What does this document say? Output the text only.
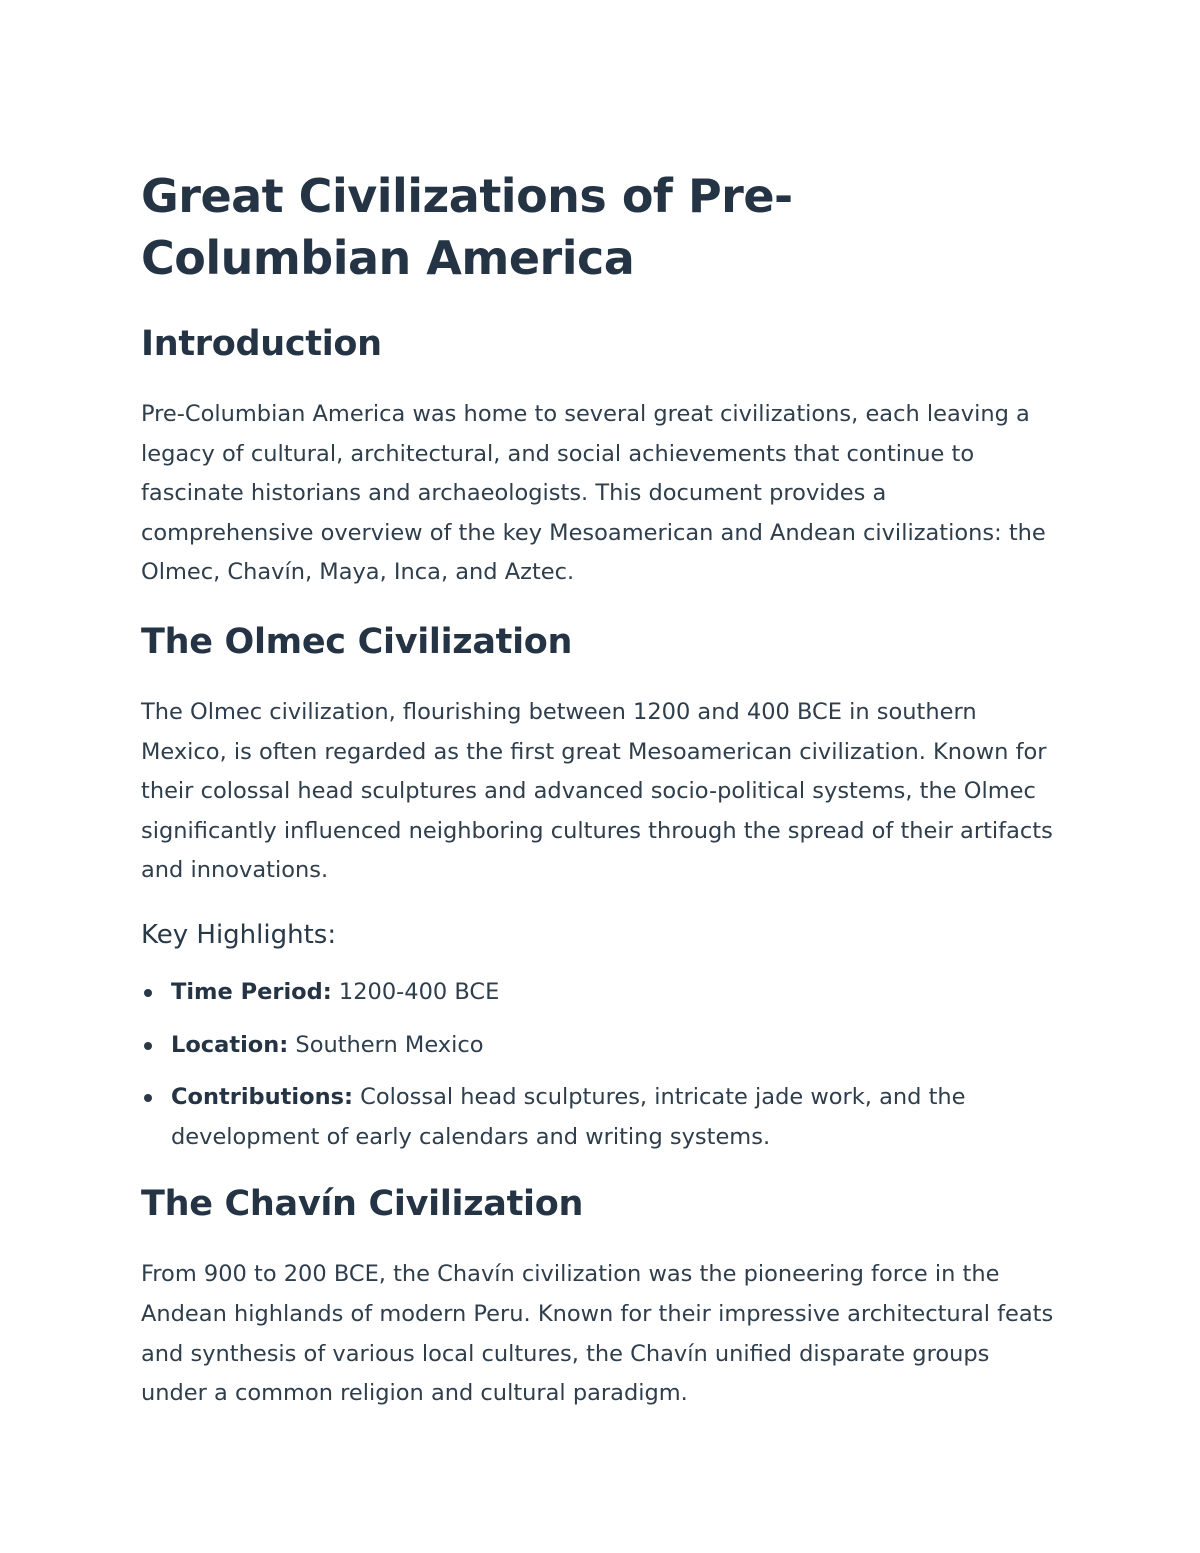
Great Civilizations of Pre-Columbian America
Introduction

Pre-Columbian America was home to several great civilizations, each leaving a legacy of cultural, architectural, and social achievements that continue to fascinate historians and archaeologists. This document provides a comprehensive overview of the key Mesoamerican and Andean civilizations: the Olmec, Chavín, Maya, Inca, and Aztec.

The Olmec Civilization

The Olmec civilization, flourishing between 1200 and 400 BCE in southern Mexico, is often regarded as the first great Mesoamerican civilization. Known for their colossal head sculptures and advanced socio-political systems, the Olmec significantly influenced neighboring cultures through the spread of their artifacts and innovations.

Key Highlights:
Time Period: 1200-400 BCE
Location: Southern Mexico
Contributions: Colossal head sculptures, intricate jade work, and the development of early calendars and writing systems.
The Chavín Civilization

From 900 to 200 BCE, the Chavín civilization was the pioneering force in the Andean highlands of modern Peru. Known for their impressive architectural feats and synthesis of various local cultures, the Chavín unified disparate groups under a common religion and cultural paradigm.
